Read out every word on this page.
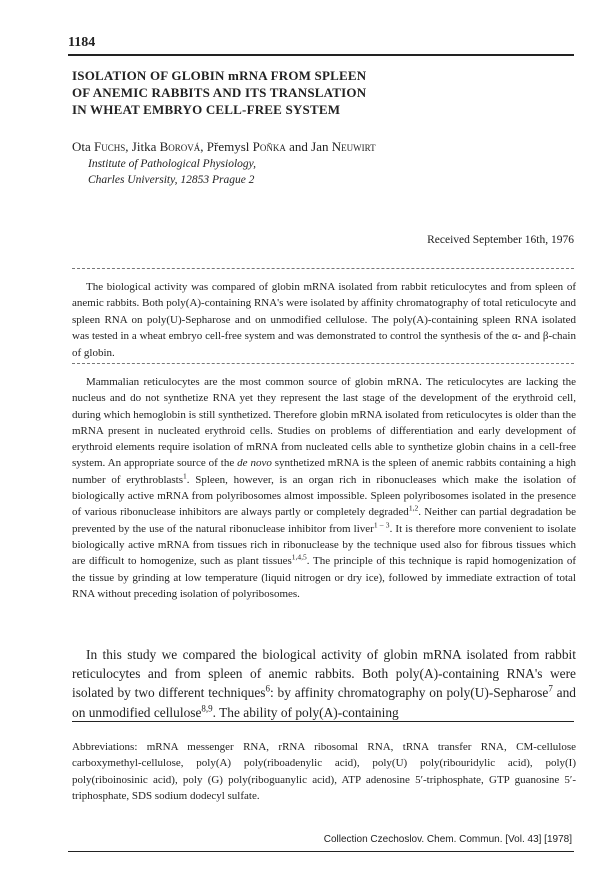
1184
ISOLATION OF GLOBIN mRNA FROM SPLEEN
OF ANEMIC RABBITS AND ITS TRANSLATION
IN WHEAT EMBRYO CELL-FREE SYSTEM
Ota Fuchs, Jitka Borová, Přemysl Poňka and Jan Neuwirt
Institute of Pathological Physiology,
Charles University, 12853 Prague 2
Received September 16th, 1976

The biological activity was compared of globin mRNA isolated from rabbit reticulocytes and from spleen of anemic rabbits. Both poly(A)-containing RNA's were isolated by affinity chromatography of total reticulocyte and spleen RNA on poly(U)-Sepharose and on unmodified cellulose. The poly(A)-containing spleen RNA isolated was tested in a wheat embryo cell-free system and was demonstrated to control the synthesis of the α- and β-chain of globin.

Mammalian reticulocytes are the most common source of globin mRNA. The reticulocytes are lacking the nucleus and do not synthetize RNA yet they represent the last stage of the development of the erythroid cell, during which hemoglobin is still synthetized. Therefore globin mRNA isolated from reticulocytes is older than the mRNA present in nucleated erythroid cells. Studies on problems of differentiation and early development of erythroid elements require isolation of mRNA from nucleated cells able to synthetize globin chains in a cell-free system. An appropriate source of the de novo synthetized mRNA is the spleen of anemic rabbits containing a high number of erythroblasts$^1$. Spleen, however, is an organ rich in ribonucleases which make the isolation of biologically active mRNA from polyribosomes almost impossible. Spleen polyribosomes isolated in the presence of various ribonuclease inhibitors are always partly or completely degraded$^{1,2}$. Neither can partial degradation be prevented by the use of the natural ribonuclease inhibitor from liver$^{1 - 3}$. It is therefore more convenient to isolate biologically active mRNA from tissues rich in ribonuclease by the technique used also for fibrous tissues which are difficult to homogenize, such as plant tissues$^{1,4,5}$. The principle of this technique is rapid homogenization of the tissue by grinding at low temperature (liquid nitrogen or dry ice), followed by immediate extraction of total RNA without preceding isolation of polyribosomes.

In this study we compared the biological activity of globin mRNA isolated from rabbit reticulocytes and from spleen of anemic rabbits. Both poly(A)-containing RNA's were isolated by two different techniques$^6$: by affinity chromatography on poly(U)-Sepharose$^7$ and on unmodified cellulose$^{8,9}$. The ability of poly(A)-containing

Abbreviations: mRNA messenger RNA, rRNA ribosomal RNA, tRNA transfer RNA, CM-cellulose carboxymethyl-cellulose, poly(A) poly(riboadenylic acid), poly(U) poly(ribouridylic acid), poly(I) poly(riboinosinic acid), poly (G) poly(riboguanylic acid), ATP adenosine 5′-triphosphate, GTP guanosine 5′-triphosphate, SDS sodium dodecyl sulfate.

Collection Czechoslov. Chem. Commun. [Vol. 43] [1978]
